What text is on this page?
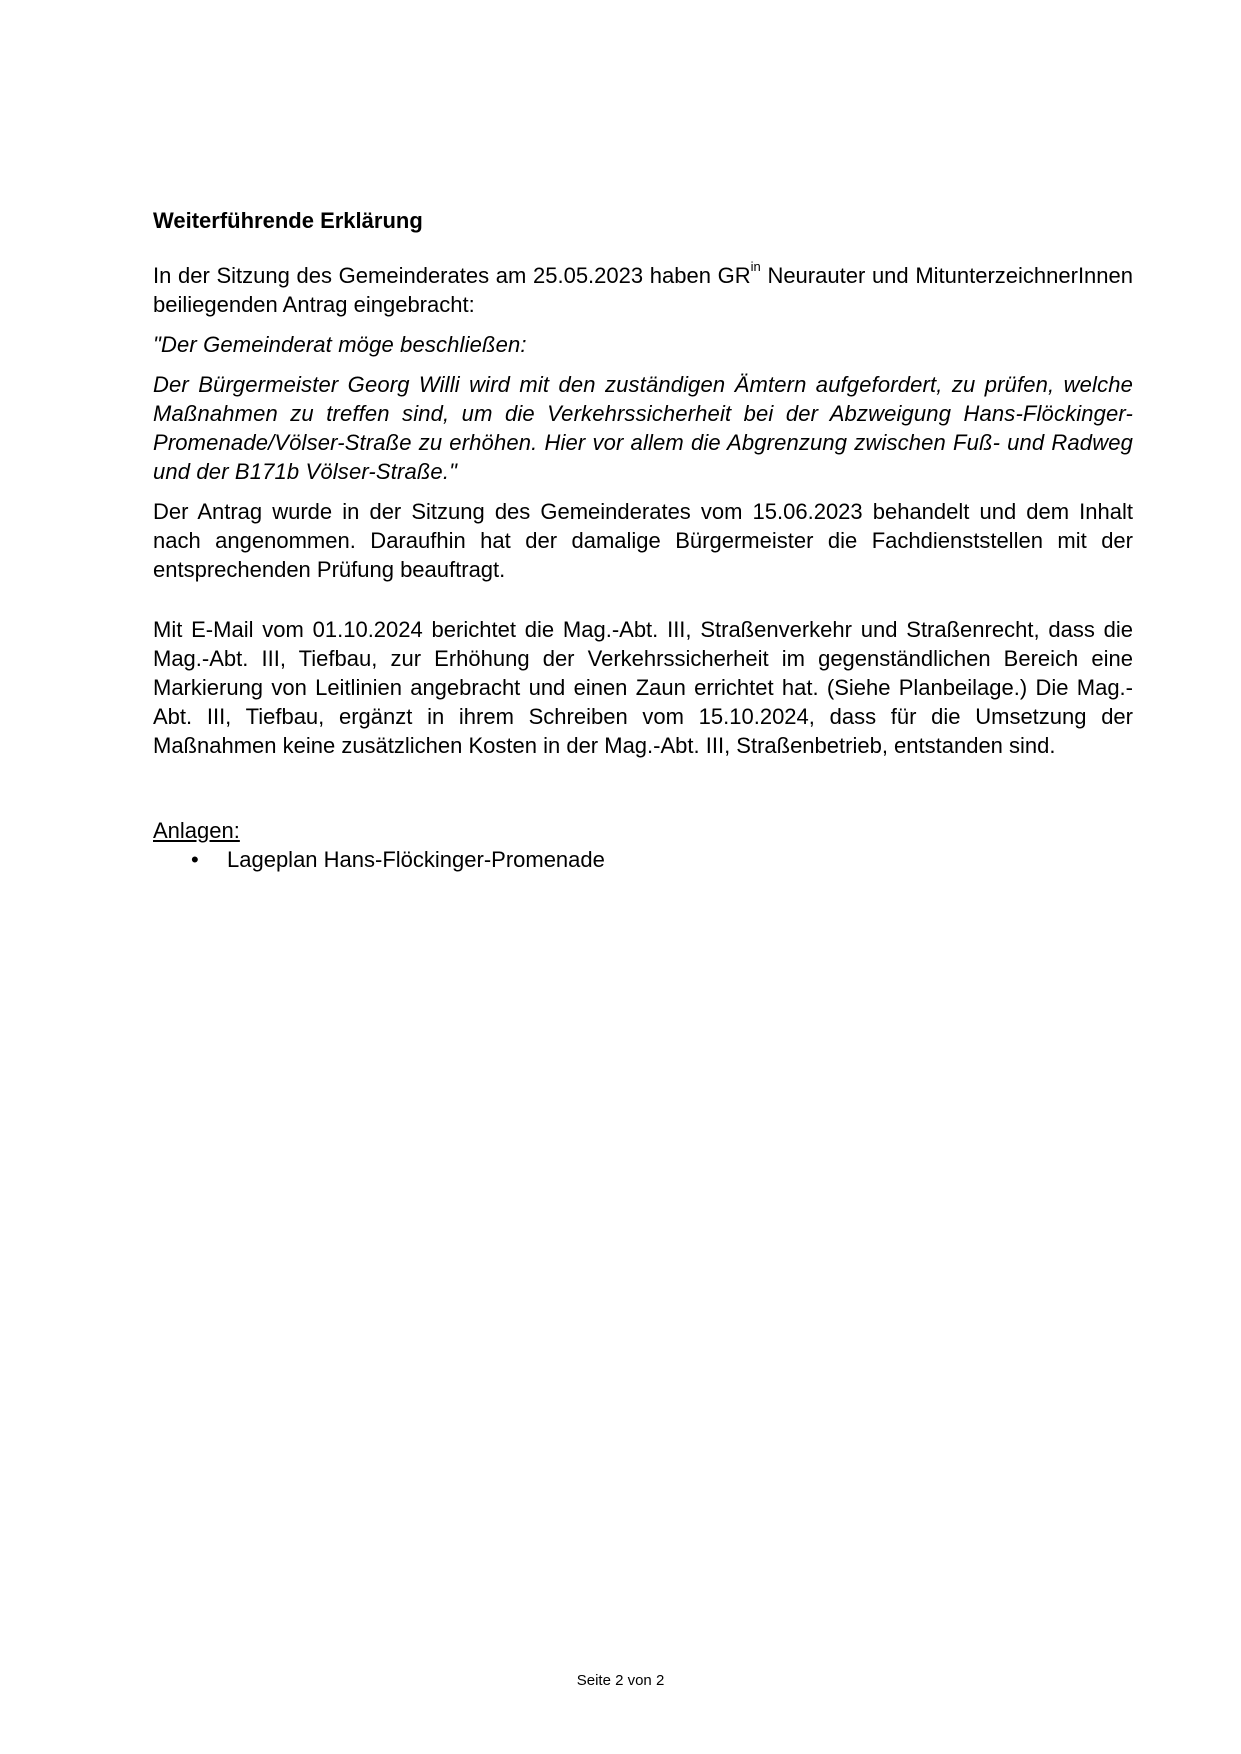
Weiterführende Erklärung

In der Sitzung des Gemeinderates am 25.05.2023 haben $GR^{in}$ Neurauter und MitunterzeichnerInnen beiliegenden Antrag eingebracht:

"Der Gemeinderat möge beschließen:

Der Bürgermeister Georg Willi wird mit den zuständigen Ämtern aufgefordert, zu prüfen, welche Maßnahmen zu treffen sind, um die Verkehrssicherheit bei der Abzweigung Hans-Flöckinger-Promenade/Völser-Straße zu erhöhen. Hier vor allem die Abgrenzung zwischen Fuß- und Radweg und der B171b Völser-Straße."

Der Antrag wurde in der Sitzung des Gemeinderates vom 15.06.2023 behandelt und dem Inhalt nach angenommen. Daraufhin hat der damalige Bürgermeister die Fachdienststellen mit der entsprechenden Prüfung beauftragt.

Mit E-Mail vom 01.10.2024 berichtet die Mag.-Abt. III, Straßenverkehr und Straßenrecht, dass die Mag.-Abt. III, Tiefbau, zur Erhöhung der Verkehrssicherheit im gegenständlichen Bereich eine Markierung von Leitlinien angebracht und einen Zaun errichtet hat. (Siehe Planbeilage.) Die Mag.-Abt. III, Tiefbau, ergänzt in ihrem Schreiben vom 15.10.2024, dass für die Umsetzung der Maßnahmen keine zusätzlichen Kosten in der Mag.-Abt. III, Straßenbetrieb, entstanden sind.

Anlagen:

• Lageplan Hans-Flöckinger-Promenade
Seite 2 von 2
